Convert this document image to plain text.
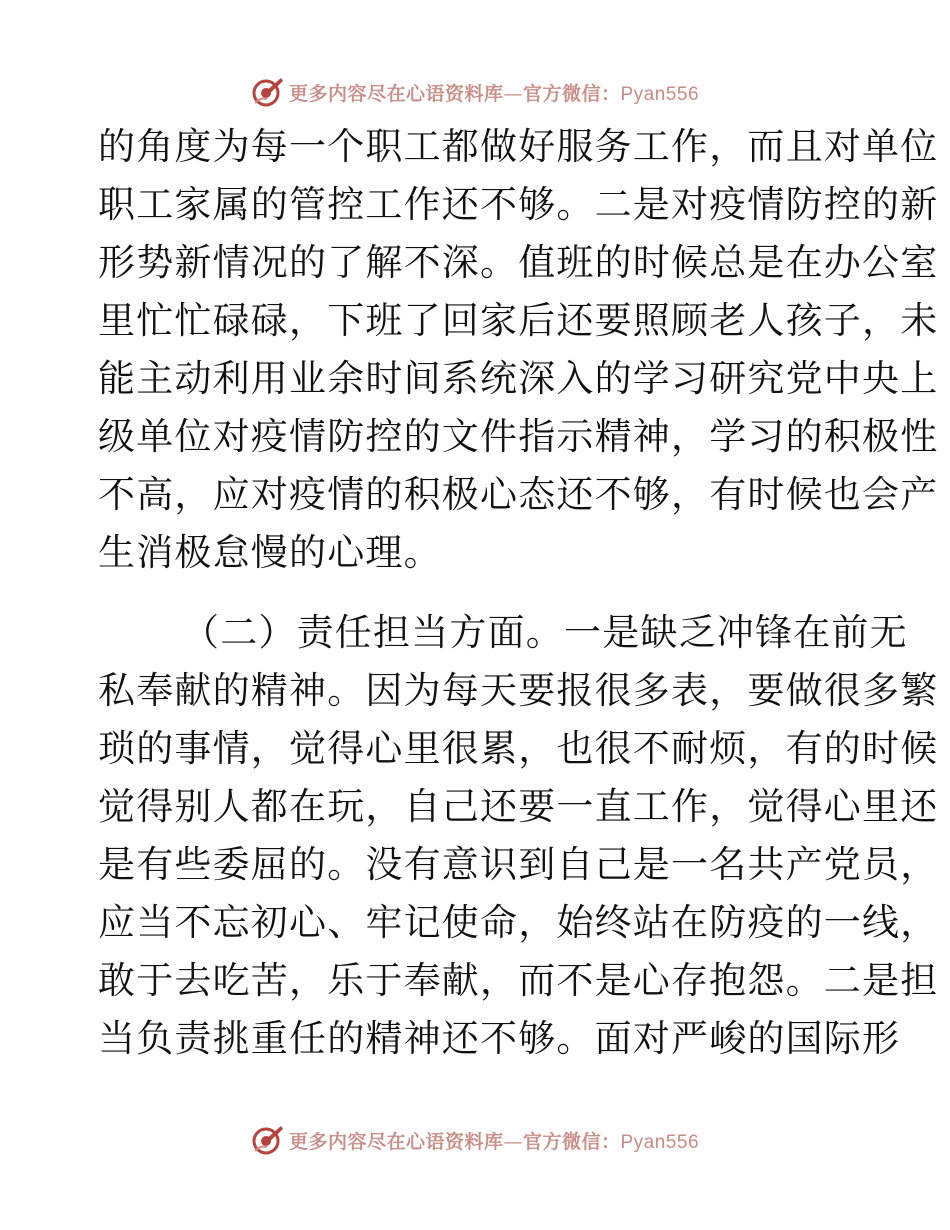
更多内容尽在心语资料库—官方微信：Pyan556
的角度为每一个职工都做好服务工作，而且对单位
职工家属的管控工作还不够。二是对疫情防控的新
形势新情况的了解不深。值班的时候总是在办公室
里忙忙碌碌，下班了回家后还要照顾老人孩子，未
能主动利用业余时间系统深入的学习研究党中央上
级单位对疫情防控的文件指示精神，学习的积极性
不高，应对疫情的积极心态还不够，有时候也会产
生消极怠慢的心理。
（二）责任担当方面。一是缺乏冲锋在前无
私奉献的精神。因为每天要报很多表，要做很多繁
琐的事情，觉得心里很累，也很不耐烦，有的时候
觉得别人都在玩，自己还要一直工作，觉得心里还
是有些委屈的。没有意识到自己是一名共产党员，
应当不忘初心、牢记使命，始终站在防疫的一线，
敢于去吃苦，乐于奉献，而不是心存抱怨。二是担
当负责挑重任的精神还不够。面对严峻的国际形
更多内容尽在心语资料库—官方微信：Pyan556
